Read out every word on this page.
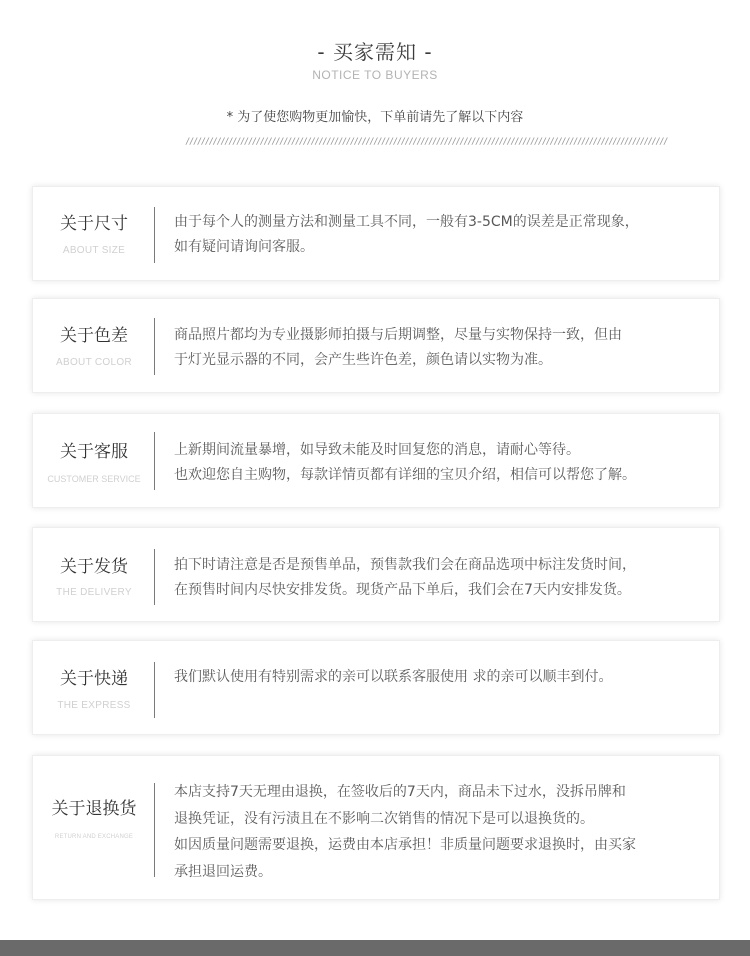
- 买家需知 -
NOTICE TO BUYERS
* 为了使您购物更加愉快，下单前请先了解以下内容
///////////////////////////////////////////////////////////////////////////////////////////////////////////////////////////
关于尺寸
ABOUT SIZE

由于每个人的测量方法和测量工具不同，一般有3-5CM的误差是正常现象，

如有疑问请询问客服。

关于色差
ABOUT COLOR

商品照片都均为专业摄影师拍摄与后期调整，尽量与实物保持一致，但由

于灯光显示器的不同，会产生些许色差，颜色请以实物为准。

关于客服
CUSTOMER SERVICE

上新期间流量暴增，如导致未能及时回复您的消息，请耐心等待。

也欢迎您自主购物，每款详情页都有详细的宝贝介绍，相信可以帮您了解。

关于发货
THE DELIVERY

拍下时请注意是否是预售单品，预售款我们会在商品选项中标注发货时间，

在预售时间内尽快安排发货。现货产品下单后，我们会在7天内安排发货。

关于快递
THE EXPRESS

我们默认使用有特别需求的亲可以联系客服使用 求的亲可以顺丰到付。

关于退换货
RETURN AND EXCHANGE

本店支持7天无理由退换，在签收后的7天内，商品未下过水，没拆吊牌和

退换凭证，没有污渍且在不影响二次销售的情况下是可以退换货的。

如因质量问题需要退换，运费由本店承担！非质量问题要求退换时，由买家

承担退回运费。
